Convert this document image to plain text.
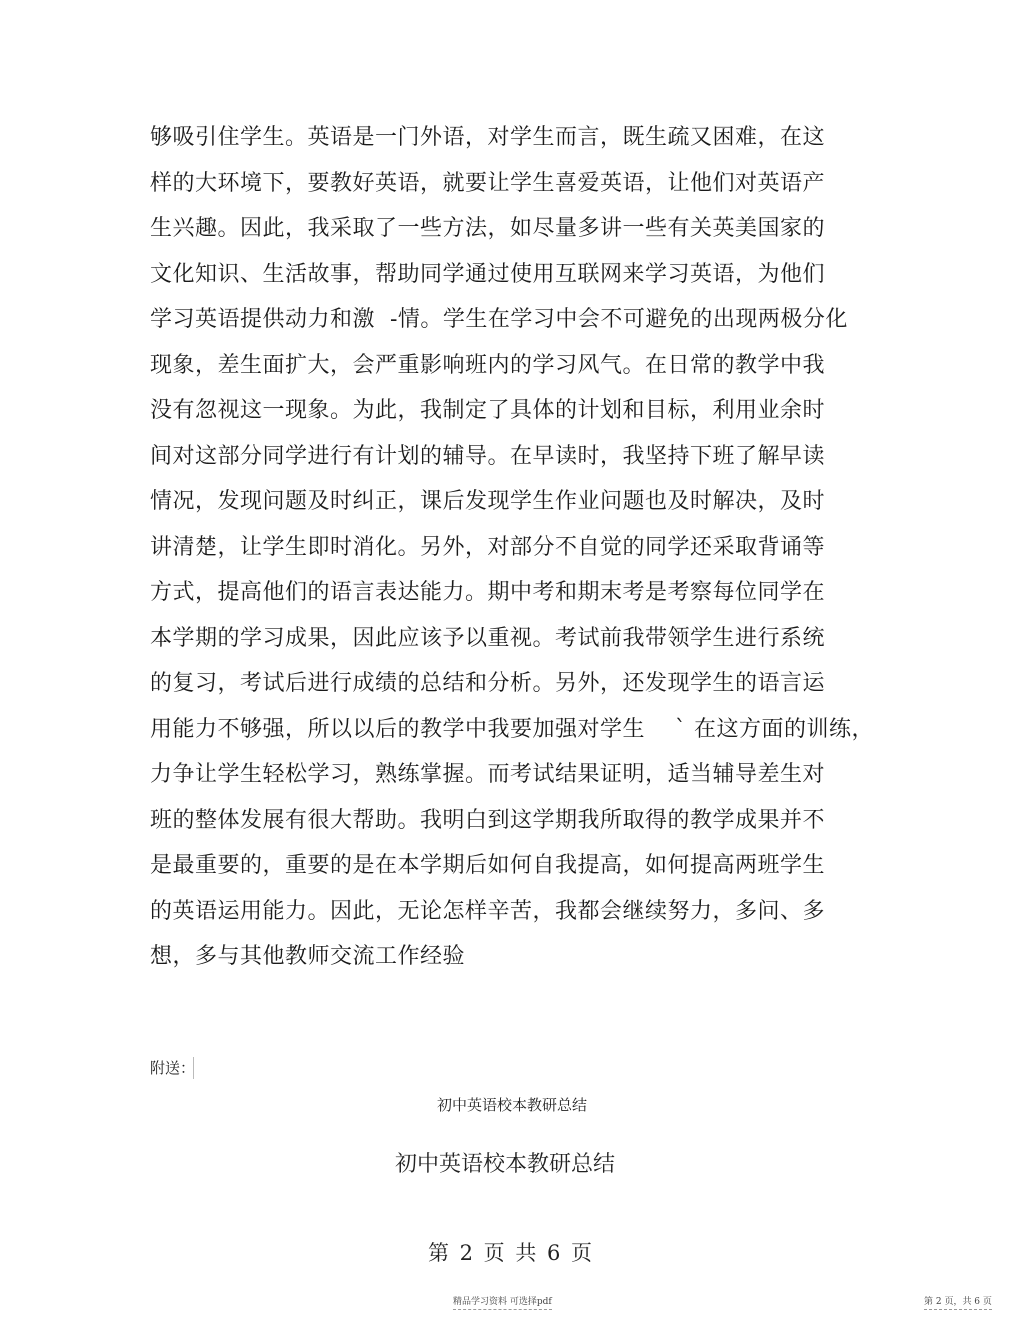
够吸引住学生。英语是一门外语，对学生而言，既生疏又困难，在这
样的大环境下，要教好英语，就要让学生喜爱英语，让他们对英语产
生兴趣。因此，我采取了一些方法，如尽量多讲一些有关英美国家的
文化知识、生活故事，帮助同学通过使用互联网来学习英语，为他们
学习英语提供动力和激  -情。学生在学习中会不可避免的出现两极分化
现象，差生面扩大，会严重影响班内的学习风气。在日常的教学中我
没有忽视这一现象。为此，我制定了具体的计划和目标，利用业余时
间对这部分同学进行有计划的辅导。在早读时，我坚持下班了解早读
情况，发现问题及时纠正，课后发现学生作业问题也及时解决，及时
讲清楚，让学生即时消化。另外，对部分不自觉的同学还采取背诵等
方式，提高他们的语言表达能力。期中考和期末考是考察每位同学在
本学期的学习成果，因此应该予以重视。考试前我带领学生进行系统
的复习，考试后进行成绩的总结和分析。另外，还发现学生的语言运
用能力不够强，所以以后的教学中我要加强对学生    ` 在这方面的训练，
力争让学生轻松学习，熟练掌握。而考试结果证明，适当辅导差生对
班的整体发展有很大帮助。我明白到这学期我所取得的教学成果并不
是最重要的，重要的是在本学期后如何自我提高，如何提高两班学生
的英语运用能力。因此，无论怎样辛苦，我都会继续努力，多问、多
想，多与其他教师交流工作经验
附送：
初中英语校本教研总结
初中英语校本教研总结
第 2 页 共 6 页
精品学习资料 可选择pdf	第 2 页，共 6 页
